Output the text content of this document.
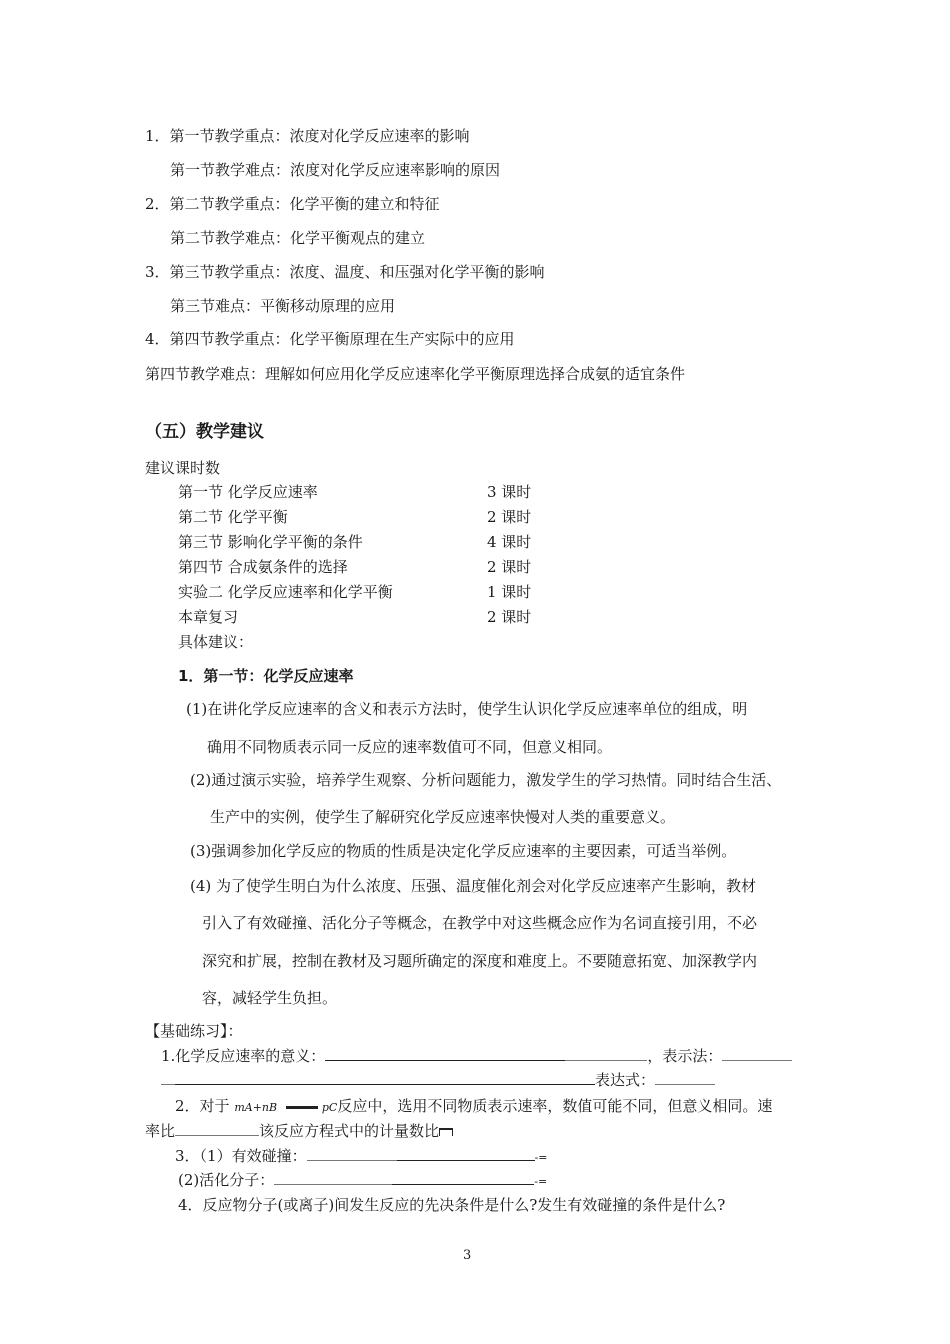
1．第一节教学重点：浓度对化学反应速率的影响
第一节教学难点：浓度对化学反应速率影响的原因
2．第二节教学重点：化学平衡的建立和特征
第二节教学难点：化学平衡观点的建立
3．第三节教学重点：浓度、温度、和压强对化学平衡的影响
第三节难点：平衡移动原理的应用
4．第四节教学重点：化学平衡原理在生产实际中的应用
第四节教学难点：理解如何应用化学反应速率化学平衡原理选择合成氨的适宜条件
（五）教学建议
建议课时数
第一节 化学反应速率	3 课时
第二节 化学平衡	2 课时
第三节 影响化学平衡的条件	4 课时
第四节 合成氨条件的选择	2 课时
实验二 化学反应速率和化学平衡	1 课时
本章复习	2 课时
具体建议：
1．第一节：化学反应速率
(1)在讲化学反应速率的含义和表示方法时，使学生认识化学反应速率单位的组成，明
确用不同物质表示同一反应的速率数值可不同，但意义相同。
(2)通过演示实验，培养学生观察、分析问题能力，激发学生的学习热情。同时结合生活、
生产中的实例，使学生了解研究化学反应速率快慢对人类的重要意义。
(3)强调参加化学反应的物质的性质是决定化学反应速率的主要因素，可适当举例。
(4) 为了使学生明白为什么浓度、压强、温度催化剂会对化学反应速率产生影响，教材
引入了有效碰撞、活化分子等概念，在教学中对这些概念应作为名词直接引用，不必
深究和扩展，控制在教材及习题所确定的深度和难度上。不要随意拓宽、加深教学内
容，减轻学生负担。
【基础练习】：
1.化学反应速率的意义：	，表示法：
表达式：
2．对于 mA+nB	pC反应中，选用不同物质表示速率，数值可能不同，但意义相同。速
率比	该反应方程式中的计量数比
3．（1）有效碰撞：	-=
(2)活化分子：	-=
4．反应物分子(或离子)间发生反应的先决条件是什么?发生有效碰撞的条件是什么?
3
